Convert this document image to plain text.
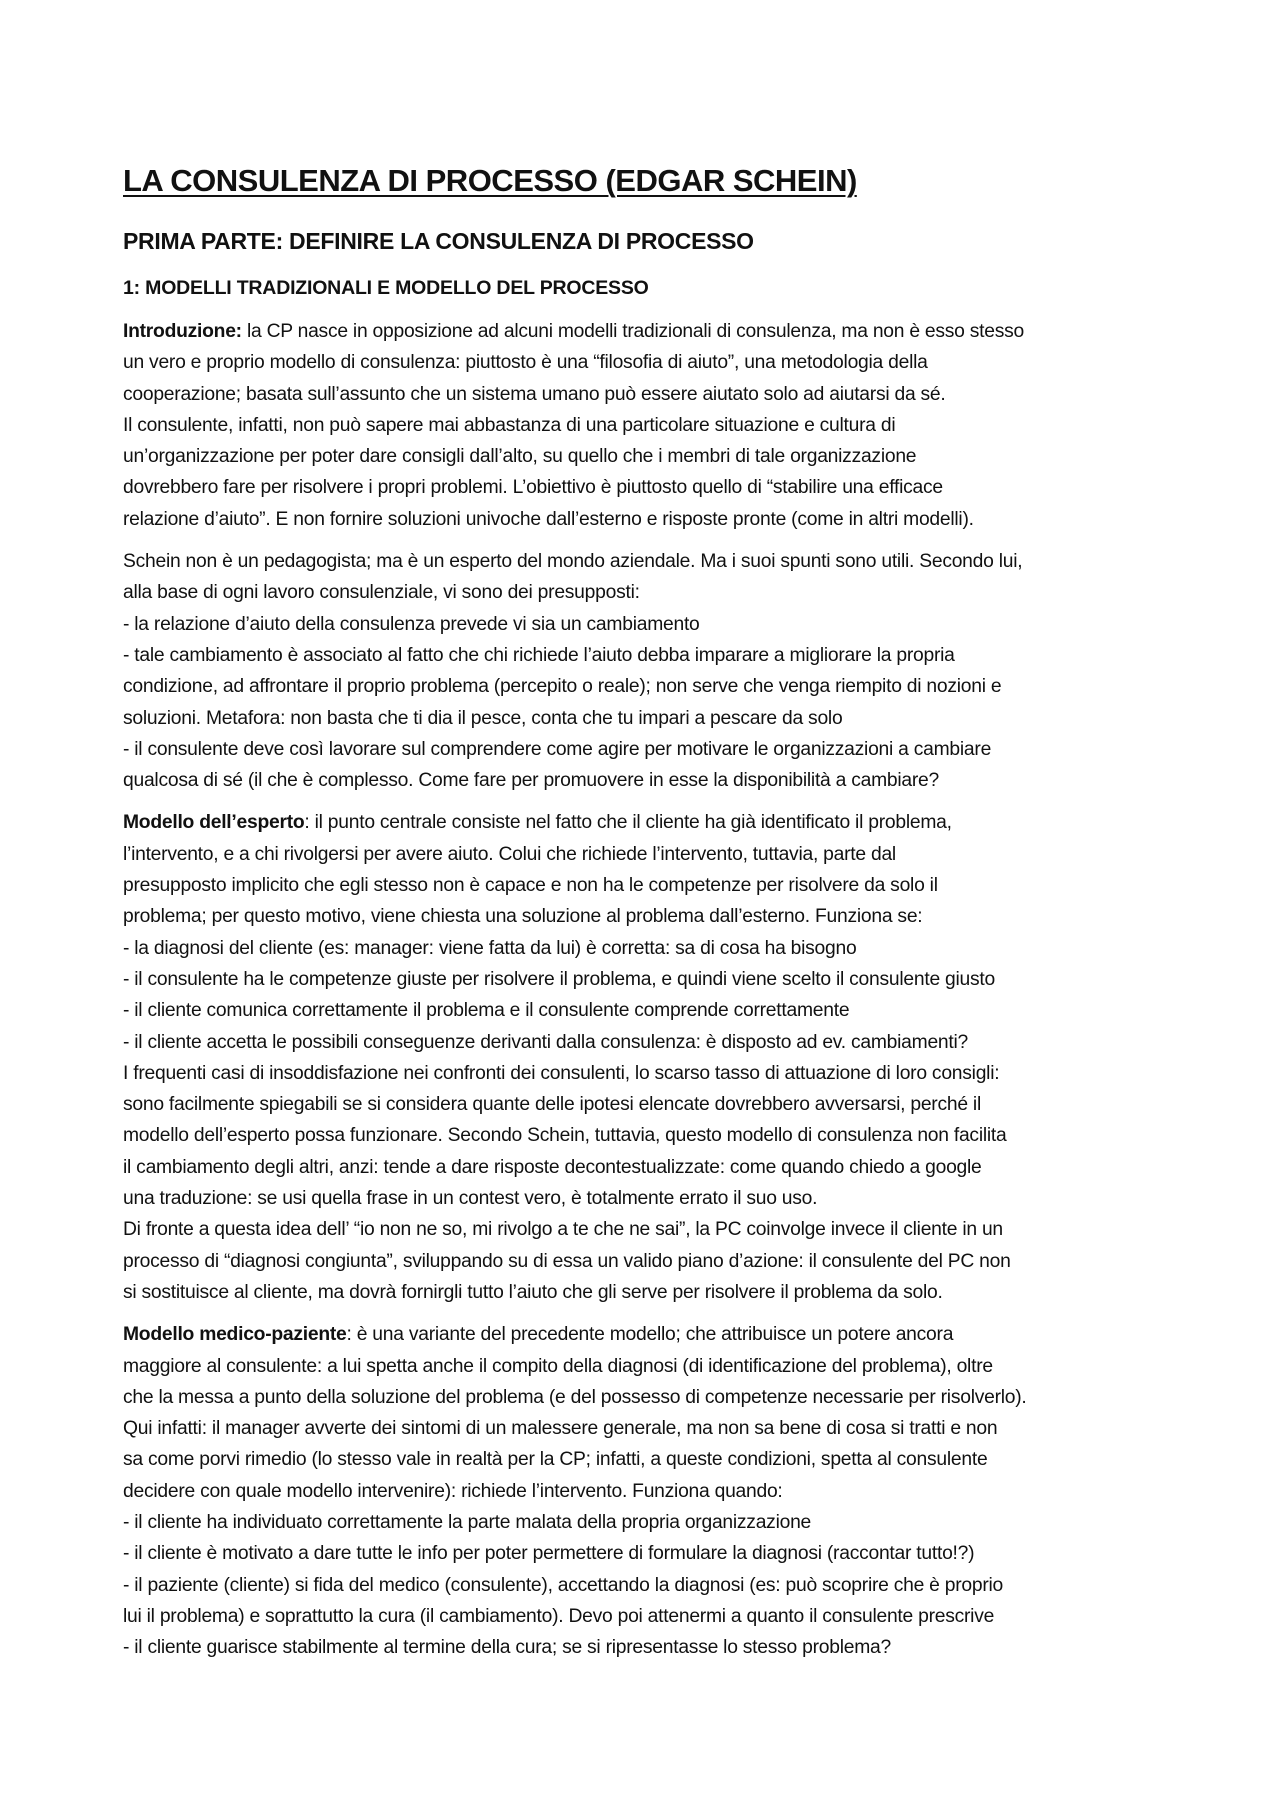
LA CONSULENZA DI PROCESSO (EDGAR SCHEIN)
PRIMA PARTE: DEFINIRE LA CONSULENZA DI PROCESSO
1: MODELLI TRADIZIONALI E MODELLO DEL PROCESSO
Introduzione: la CP nasce in opposizione ad alcuni modelli tradizionali di consulenza, ma non è esso stesso
un vero e proprio modello di consulenza: piuttosto è una “filosofia di aiuto”, una metodologia della
cooperazione; basata sull’assunto che un sistema umano può essere aiutato solo ad aiutarsi da sé.
Il consulente, infatti, non può sapere mai abbastanza di una particolare situazione e cultura di
un’organizzazione per poter dare consigli dall’alto, su quello che i membri di tale organizzazione
dovrebbero fare per risolvere i propri problemi. L’obiettivo è piuttosto quello di “stabilire una efficace
relazione d’aiuto”. E non fornire soluzioni univoche dall’esterno e risposte pronte (come in altri modelli).
Schein non è un pedagogista; ma è un esperto del mondo aziendale. Ma i suoi spunti sono utili. Secondo lui,
alla base di ogni lavoro consulenziale, vi sono dei presupposti:
- la relazione d’aiuto della consulenza prevede vi sia un cambiamento
- tale cambiamento è associato al fatto che chi richiede l’aiuto debba imparare a migliorare la propria
condizione, ad affrontare il proprio problema (percepito o reale); non serve che venga riempito di nozioni e
soluzioni. Metafora: non basta che ti dia il pesce, conta che tu impari a pescare da solo
- il consulente deve così lavorare sul comprendere come agire per motivare le organizzazioni a cambiare
qualcosa di sé (il che è complesso. Come fare per promuovere in esse la disponibilità a cambiare?
Modello dell’esperto: il punto centrale consiste nel fatto che il cliente ha già identificato il problema,
l’intervento, e a chi rivolgersi per avere aiuto. Colui che richiede l’intervento, tuttavia, parte dal
presupposto implicito che egli stesso non è capace e non ha le competenze per risolvere da solo il
problema; per questo motivo, viene chiesta una soluzione al problema dall’esterno. Funziona se:
- la diagnosi del cliente (es: manager: viene fatta da lui) è corretta: sa di cosa ha bisogno
- il consulente ha le competenze giuste per risolvere il problema, e quindi viene scelto il consulente giusto
- il cliente comunica correttamente il problema e il consulente comprende correttamente
- il cliente accetta le possibili conseguenze derivanti dalla consulenza: è disposto ad ev. cambiamenti?
I frequenti casi di insoddisfazione nei confronti dei consulenti, lo scarso tasso di attuazione di loro consigli:
sono facilmente spiegabili se si considera quante delle ipotesi elencate dovrebbero avversarsi, perché il
modello dell’esperto possa funzionare. Secondo Schein, tuttavia, questo modello di consulenza non facilita
il cambiamento degli altri, anzi: tende a dare risposte decontestualizzate: come quando chiedo a google
una traduzione: se usi quella frase in un contest vero, è totalmente errato il suo uso.
Di fronte a questa idea dell’ “io non ne so, mi rivolgo a te che ne sai”, la PC coinvolge invece il cliente in un
processo di “diagnosi congiunta”, sviluppando su di essa un valido piano d’azione: il consulente del PC non
si sostituisce al cliente, ma dovrà fornirgli tutto l’aiuto che gli serve per risolvere il problema da solo.
Modello medico-paziente: è una variante del precedente modello; che attribuisce un potere ancora
maggiore al consulente: a lui spetta anche il compito della diagnosi (di identificazione del problema), oltre
che la messa a punto della soluzione del problema (e del possesso di competenze necessarie per risolverlo).
Qui infatti: il manager avverte dei sintomi di un malessere generale, ma non sa bene di cosa si tratti e non
sa come porvi rimedio (lo stesso vale in realtà per la CP; infatti, a queste condizioni, spetta al consulente
decidere con quale modello intervenire): richiede l’intervento. Funziona quando:
- il cliente ha individuato correttamente la parte malata della propria organizzazione
- il cliente è motivato a dare tutte le info per poter permettere di formulare la diagnosi (raccontar tutto!?)
- il paziente (cliente) si fida del medico (consulente), accettando la diagnosi (es: può scoprire che è proprio
lui il problema) e soprattutto la cura (il cambiamento). Devo poi attenermi a quanto il consulente prescrive
- il cliente guarisce stabilmente al termine della cura; se si ripresentasse lo stesso problema?
